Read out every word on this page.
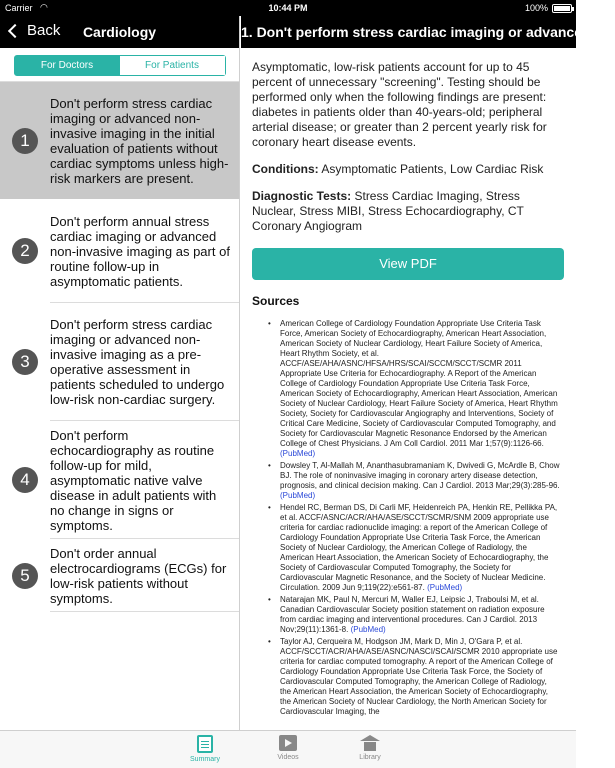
Carrier ◠	10:44 PM	100%
Back	Cardiology
For Doctors	For Patients
1
Don't perform stress cardiac imaging or advanced non-invasive imaging in the initial evaluation of patients without cardiac symptoms unless high-risk markers are present.
2
Don't perform annual stress cardiac imaging or advanced non-invasive imaging as part of routine follow-up in asymptomatic patients.
3
Don't perform stress cardiac imaging or advanced non-invasive imaging as a pre-operative assessment in patients scheduled to undergo low-risk non-cardiac surgery.
4
Don't perform echocardiography as routine follow-up for mild, asymptomatic native valve disease in adult patients with no change in signs or symptoms.
5
Don't order annual electrocardiograms (ECGs) for low-risk patients without symptoms.
1. Don't perform stress cardiac imaging or advanced n...

Asymptomatic, low-risk patients account for up to 45 percent of unnecessary "screening". Testing should be performed only when the following findings are present: diabetes in patients older than 40-years-old; peripheral arterial disease; or greater than 2 percent yearly risk for coronary heart disease events.

Conditions: Asymptomatic Patients, Low Cardiac Risk

Diagnostic Tests: Stress Cardiac Imaging, Stress Nuclear, Stress MIBI, Stress Echocardiography, CT Coronary Angiogram

View PDF
Sources
• American College of Cardiology Foundation Appropriate Use Criteria Task Force, American Society of Echocardiography, American Heart Association, American Society of Nuclear Cardiology, Heart Failure Society of America, Heart Rhythm Society, et al. ACCF/ASE/AHA/ASNC/HFSA/HRS/SCAI/SCCM/SCCT/SCMR 2011 Appropriate Use Criteria for Echocardiography. A Report of the American College of Cardiology Foundation Appropriate Use Criteria Task Force, American Society of Echocardiography, American Heart Association, American Society of Nuclear Cardiology, Heart Failure Society of America, Heart Rhythm Society, Society for Cardiovascular Angiography and Interventions, Society of Critical Care Medicine, Society of Cardiovascular Computed Tomography, and Society for Cardiovascular Magnetic Resonance Endorsed by the American College of Chest Physicians. J Am Coll Cardiol. 2011 Mar 1;57(9):1126-66. (PubMed)
• Dowsley T, Al-Mallah M, Ananthasubramaniam K, Dwivedi G, McArdle B, Chow BJ. The role of noninvasive imaging in coronary artery disease detection, prognosis, and clinical decision making. Can J Cardiol. 2013 Mar;29(3):285-96. (PubMed)
• Hendel RC, Berman DS, Di Carli MF, Heidenreich PA, Henkin RE, Pellikka PA, et al. ACCF/ASNC/ACR/AHA/ASE/SCCT/SCMR/SNM 2009 appropriate use criteria for cardiac radionuclide imaging: a report of the American College of Cardiology Foundation Appropriate Use Criteria Task Force, the American Society of Nuclear Cardiology, the American College of Radiology, the American Heart Association, the American Society of Echocardiography, the Society of Cardiovascular Computed Tomography, the Society for Cardiovascular Magnetic Resonance, and the Society of Nuclear Medicine. Circulation. 2009 Jun 9;119(22):e561-87. (PubMed)
• Natarajan MK, Paul N, Mercuri M, Waller EJ, Leipsic J, Traboulsi M, et al. Canadian Cardiovascular Society position statement on radiation exposure from cardiac imaging and interventional procedures. Can J Cardiol. 2013 Nov;29(11):1361-8. (PubMed)
• Taylor AJ, Cerqueira M, Hodgson JM, Mark D, Min J, O'Gara P, et al. ACCF/SCCT/ACR/AHA/ASE/ASNC/NASCI/SCAI/SCMR 2010 appropriate use criteria for cardiac computed tomography. A report of the American College of Cardiology Foundation Appropriate Use Criteria Task Force, the Society of Cardiovascular Computed Tomography, the American College of Radiology, the American Heart Association, the American Society of Echocardiography, the American Society of Nuclear Cardiology, the North American Society for Cardiovascular Imaging, the
Summary	Videos	Library
